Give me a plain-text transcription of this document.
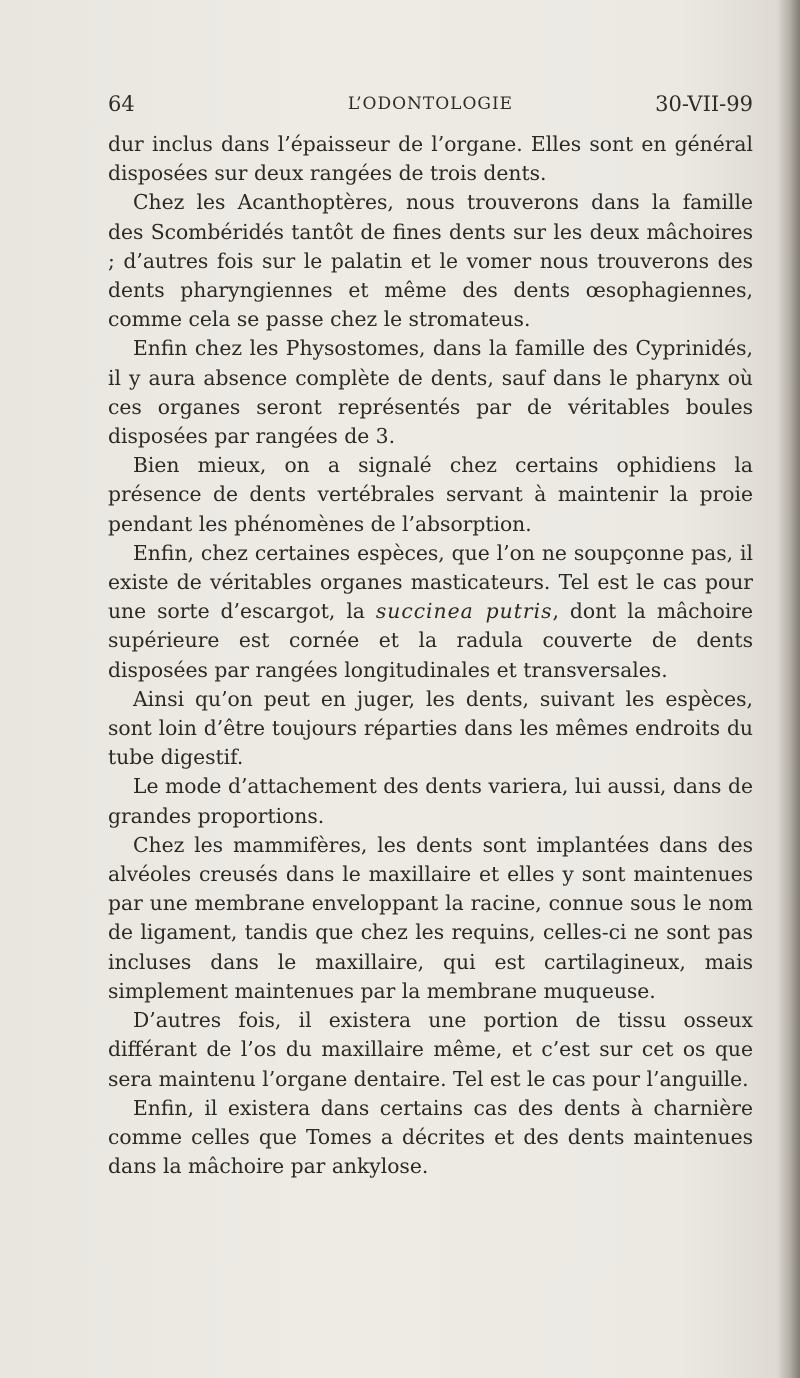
64	L’ODONTOLOGIE	30-VII-99

dur inclus dans l’épaisseur de l’organe. Elles sont en général disposées sur deux rangées de trois dents.

Chez les Acanthoptères, nous trouverons dans la famille des Scombéridés tantôt de fines dents sur les deux mâchoires ; d’autres fois sur le palatin et le vomer nous trouverons des dents pharyngiennes et même des dents œsophagiennes, comme cela se passe chez le stromateus.

Enfin chez les Physostomes, dans la famille des Cyprinidés, il y aura absence complète de dents, sauf dans le pharynx où ces organes seront représentés par de véritables boules disposées par rangées de 3.

Bien mieux, on a signalé chez certains ophidiens la présence de dents vertébrales servant à maintenir la proie pendant les phénomènes de l’absorption.

Enfin, chez certaines espèces, que l’on ne soupçonne pas, il existe de véritables organes masticateurs. Tel est le cas pour une sorte d’escargot, la succinea putris, dont la mâchoire supérieure est cornée et la radula couverte de dents disposées par rangées longitudinales et transversales.

Ainsi qu’on peut en juger, les dents, suivant les espèces, sont loin d’être toujours réparties dans les mêmes endroits du tube digestif.

Le mode d’attachement des dents variera, lui aussi, dans de grandes proportions.

Chez les mammifères, les dents sont implantées dans des alvéoles creusés dans le maxillaire et elles y sont maintenues par une membrane enveloppant la racine, connue sous le nom de ligament, tandis que chez les requins, celles-ci ne sont pas incluses dans le maxillaire, qui est cartilagineux, mais simplement maintenues par la membrane muqueuse.

D’autres fois, il existera une portion de tissu osseux différant de l’os du maxillaire même, et c’est sur cet os que sera maintenu l’organe dentaire. Tel est le cas pour l’anguille.

Enfin, il existera dans certains cas des dents à charnière comme celles que Tomes a décrites et des dents maintenues dans la mâchoire par ankylose.
